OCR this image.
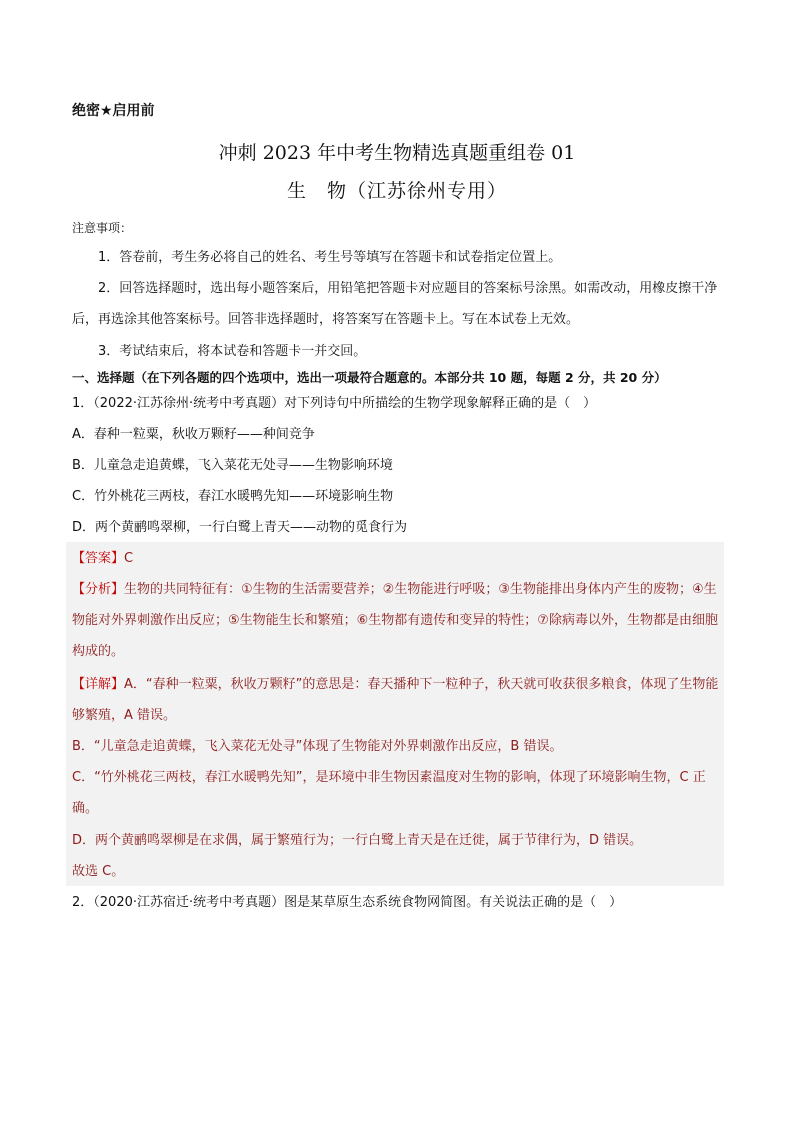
绝密★启用前
冲刺 2023 年中考生物精选真题重组卷 01
生　物（江苏徐州专用）
注意事项：
1．答卷前，考生务必将自己的姓名、考生号等填写在答题卡和试卷指定位置上。
2．回答选择题时，选出每小题答案后，用铅笔把答题卡对应题目的答案标号涂黑。如需改动，用橡皮擦干净后，再选涂其他答案标号。回答非选择题时，将答案写在答题卡上。写在本试卷上无效。
3．考试结束后，将本试卷和答题卡一并交回。
一、选择题（在下列各题的四个选项中，选出一项最符合题意的。本部分共 10 题，每题 2 分，共 20 分）
1．（2022·江苏徐州·统考中考真题）对下列诗句中所描绘的生物学现象解释正确的是（　）
A．春种一粒粟，秋收万颗籽——种间竞争
B．儿童急走追黄蝶，飞入菜花无处寻——生物影响环境
C．竹外桃花三两枝，春江水暖鸭先知——环境影响生物
D．两个黄鹂鸣翠柳，一行白鹭上青天——动物的觅食行为
【答案】C
【分析】生物的共同特征有：①生物的生活需要营养；②生物能进行呼吸；③生物能排出身体内产生的废物；④生物能对外界刺激作出反应；⑤生物能生长和繁殖；⑥生物都有遗传和变异的特性；⑦除病毒以外，生物都是由细胞构成的。
【详解】A．“春种一粒粟，秋收万颗籽”的意思是：春天播种下一粒种子，秋天就可收获很多粮食，体现了生物能够繁殖，A 错误。
B．“儿童急走追黄蝶，飞入菜花无处寻”体现了生物能对外界刺激作出反应，B 错误。
C．“竹外桃花三两枝，春江水暖鸭先知”，是环境中非生物因素温度对生物的影响，体现了环境影响生物，C 正确。
D．两个黄鹂鸣翠柳是在求偶，属于繁殖行为；一行白鹭上青天是在迁徙，属于节律行为，D 错误。
故选 C。
2．（2020·江苏宿迁·统考中考真题）图是某草原生态系统食物网简图。有关说法正确的是（　）
